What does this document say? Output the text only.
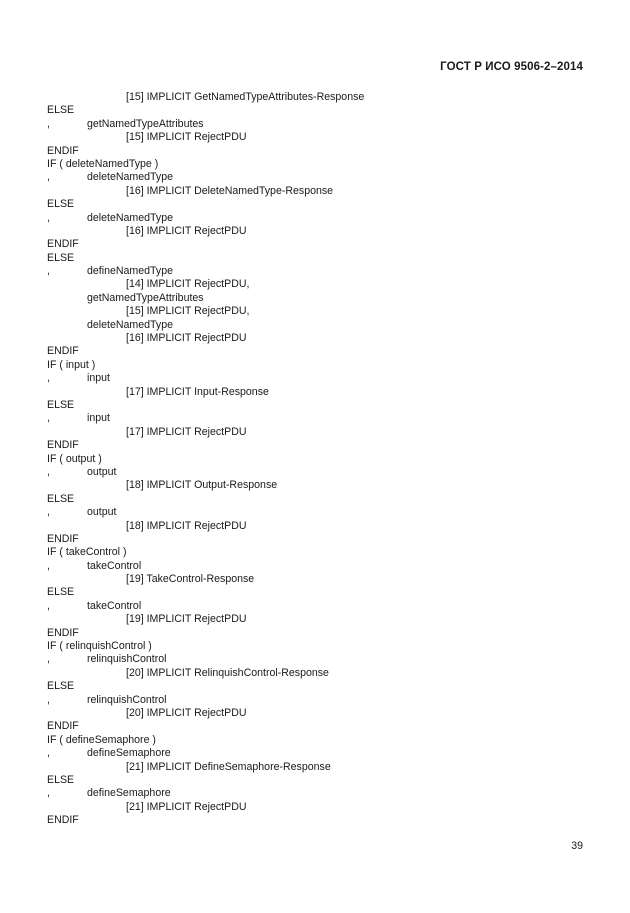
ГОСТ Р ИСО 9506-2–2014
[15] IMPLICIT GetNamedTypeAttributes-Response
ELSE
,	getNamedTypeAttributes
[15] IMPLICIT RejectPDU
ENDIF
IF ( deleteNamedType )
,	deleteNamedType
[16] IMPLICIT DeleteNamedType-Response
ELSE
,	deleteNamedType
[16] IMPLICIT RejectPDU
ENDIF
ELSE
,	defineNamedType
[14] IMPLICIT RejectPDU,
getNamedTypeAttributes
[15] IMPLICIT RejectPDU,
deleteNamedType
[16] IMPLICIT RejectPDU
ENDIF
IF ( input )
,	input
[17] IMPLICIT Input-Response
ELSE
,	input
[17] IMPLICIT RejectPDU
ENDIF
IF ( output )
,	output
[18] IMPLICIT Output-Response
ELSE
,	output
[18] IMPLICIT RejectPDU
ENDIF
IF ( takeControl )
,	takeControl
[19] TakeControl-Response
ELSE
,	takeControl
[19] IMPLICIT RejectPDU
ENDIF
IF ( relinquishControl )
,	relinquishControl
[20] IMPLICIT RelinquishControl-Response
ELSE
,	relinquishControl
[20] IMPLICIT RejectPDU
ENDIF
IF ( defineSemaphore )
,	defineSemaphore
[21] IMPLICIT DefineSemaphore-Response
ELSE
,	defineSemaphore
[21] IMPLICIT RejectPDU
ENDIF
39
